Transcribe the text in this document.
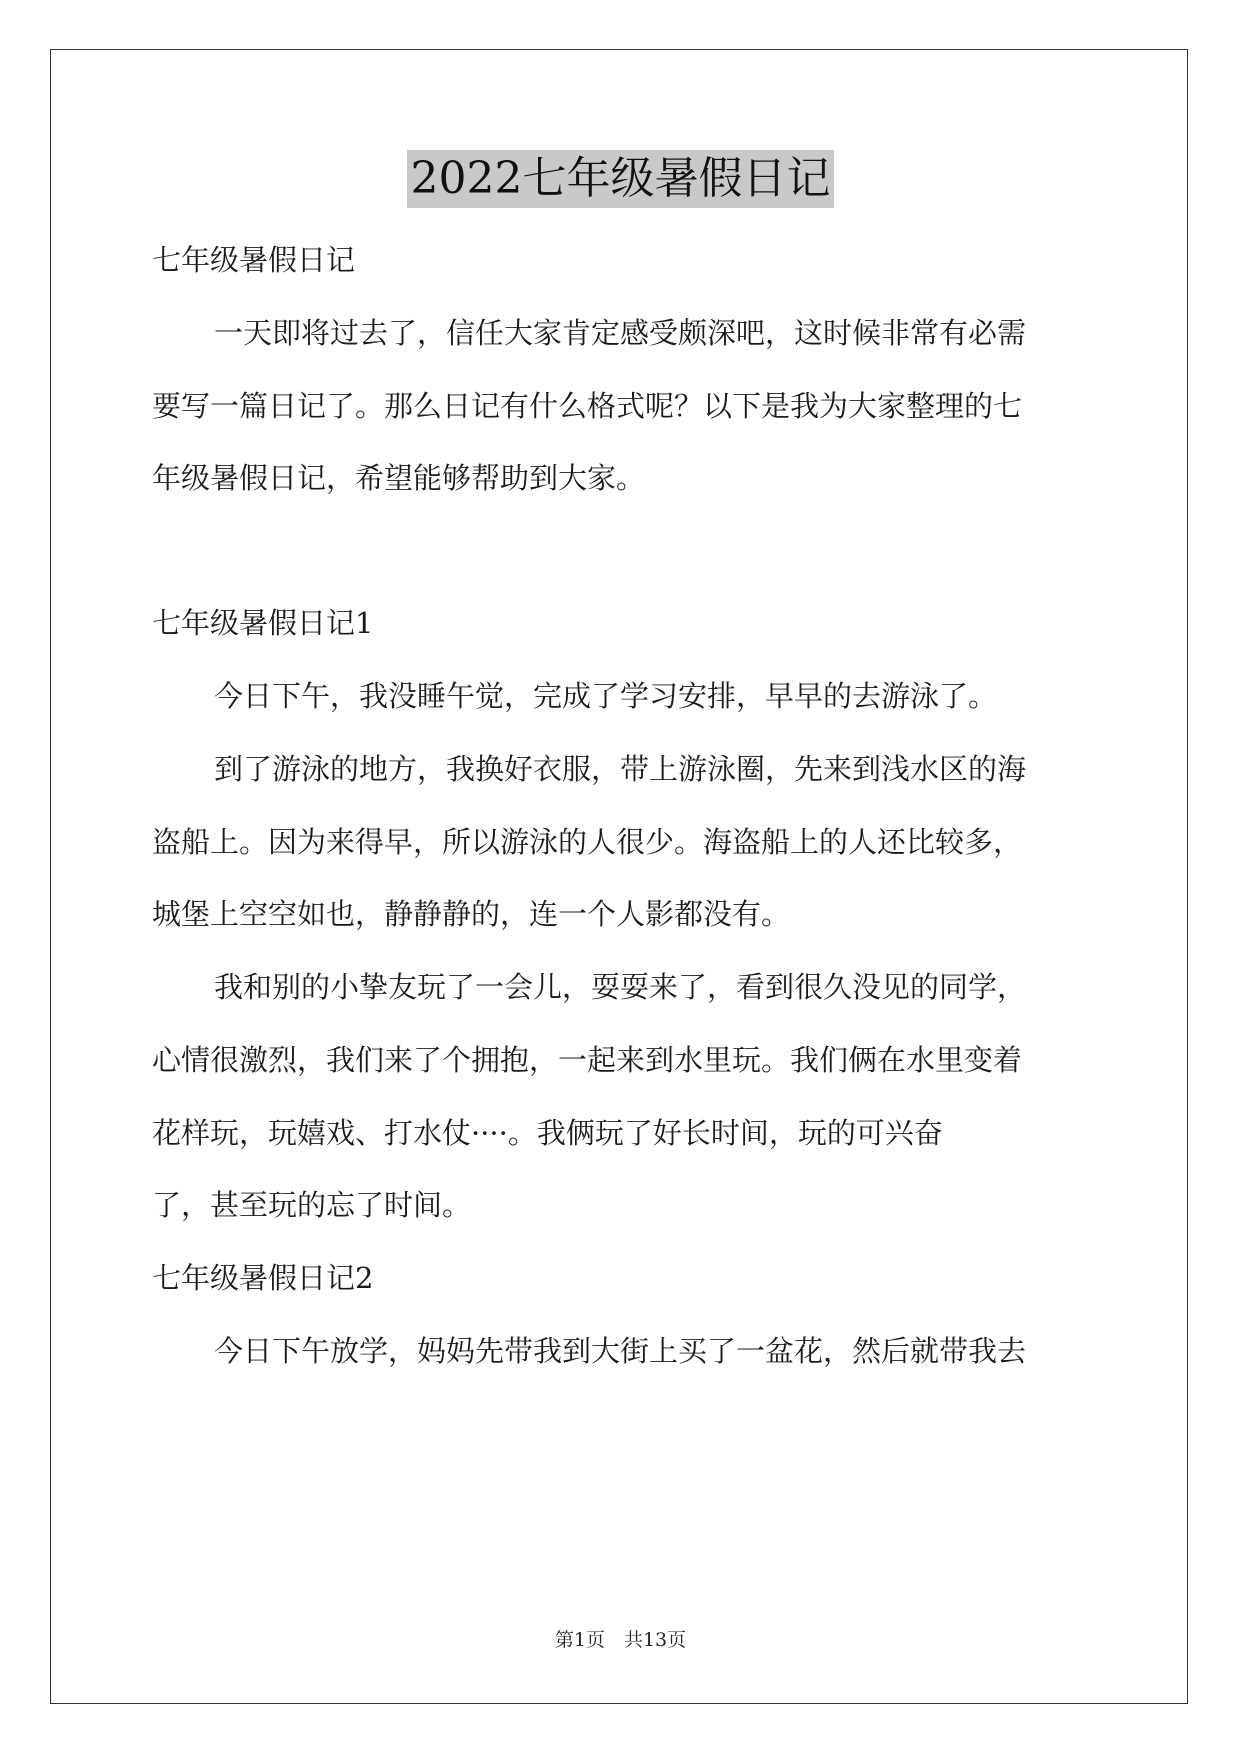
2022七年级暑假日记
七年级暑假日记
一天即将过去了，信任大家肯定感受颇深吧，这时候非常有必需
要写一篇日记了。那么日记有什么格式呢？以下是我为大家整理的七
年级暑假日记，希望能够帮助到大家。
七年级暑假日记1
今日下午，我没睡午觉，完成了学习安排，早早的去游泳了。
到了游泳的地方，我换好衣服，带上游泳圈，先来到浅水区的海
盗船上。因为来得早，所以游泳的人很少。海盗船上的人还比较多，
城堡上空空如也，静静静的，连一个人影都没有。
我和别的小挚友玩了一会儿，耍耍来了，看到很久没见的同学，
心情很激烈，我们来了个拥抱，一起来到水里玩。我们俩在水里变着
花样玩，玩嬉戏、打水仗····。我俩玩了好长时间，玩的可兴奋
了，甚至玩的忘了时间。
七年级暑假日记2
今日下午放学，妈妈先带我到大街上买了一盆花，然后就带我去
第1页　共13页
